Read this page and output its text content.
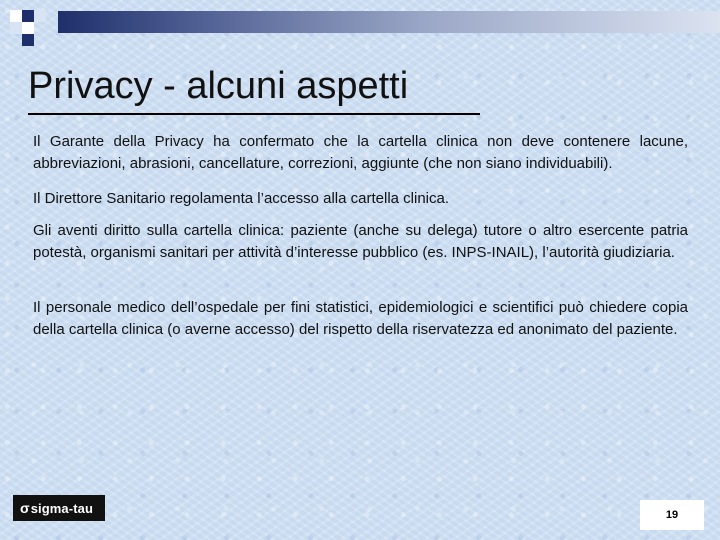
Privacy - alcuni aspetti

Il Garante della Privacy ha confermato che la cartella clinica non deve contenere lacune, abbreviazioni, abrasioni, cancellature, correzioni, aggiunte (che non siano individuabili).

Il Direttore Sanitario regolamenta l’accesso alla cartella clinica.

Gli aventi diritto sulla cartella clinica: paziente (anche su delega) tutore o altro esercente patria potestà, organismi sanitari per attività d’interesse pubblico (es. INPS-INAIL), l’autorità giudiziaria.

Il personale medico dell’ospedale per fini statistici, epidemiologici e scientifici può chiedere copia della cartella clinica (o averne accesso) del rispetto della riservatezza ed anonimato del paziente.

σ sigma-tau	19
